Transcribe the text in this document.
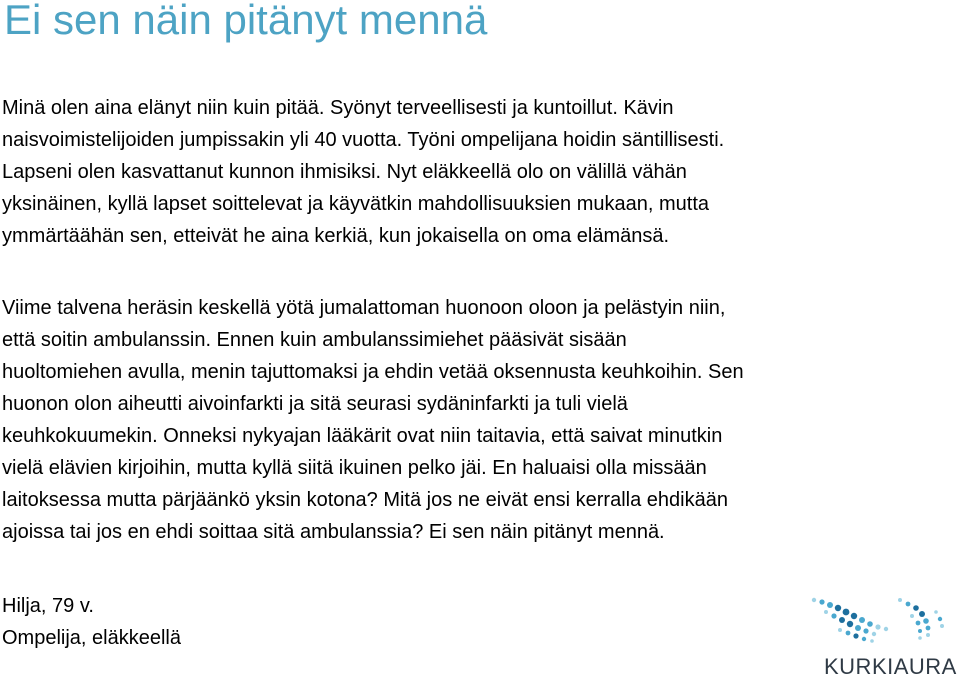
Ei sen näin pitänyt mennä

Minä olen aina elänyt niin kuin pitää. Syönyt terveellisesti ja kuntoillut. Kävin
naisvoimistelijoiden jumpissakin yli 40 vuotta. Työni ompelijana hoidin säntillisesti.
Lapseni olen kasvattanut kunnon ihmisiksi. Nyt eläkkeellä olo on välillä vähän
yksinäinen, kyllä lapset soittelevat ja käyvätkin mahdollisuuksien mukaan, mutta
ymmärtäähän sen, etteivät he aina kerkiä, kun jokaisella on oma elämänsä.

Viime talvena heräsin keskellä yötä jumalattoman huonoon oloon ja pelästyin niin,
että soitin ambulanssin. Ennen kuin ambulanssimiehet pääsivät sisään
huoltomiehen avulla, menin tajuttomaksi ja ehdin vetää oksennusta keuhkoihin. Sen
huonon olon aiheutti aivoinfarkti ja sitä seurasi sydäninfarkti ja tuli vielä
keuhkokuumekin. Onneksi nykyajan lääkärit ovat niin taitavia, että saivat minutkin
vielä elävien kirjoihin, mutta kyllä siitä ikuinen pelko jäi. En haluaisi olla missään
laitoksessa mutta pärjäänkö yksin kotona? Mitä jos ne eivät ensi kerralla ehdikään
ajoissa tai jos en ehdi soittaa sitä ambulanssia? Ei sen näin pitänyt mennä.

Hilja, 79 v.
Ompelija, eläkkeellä

KURKIAURA
